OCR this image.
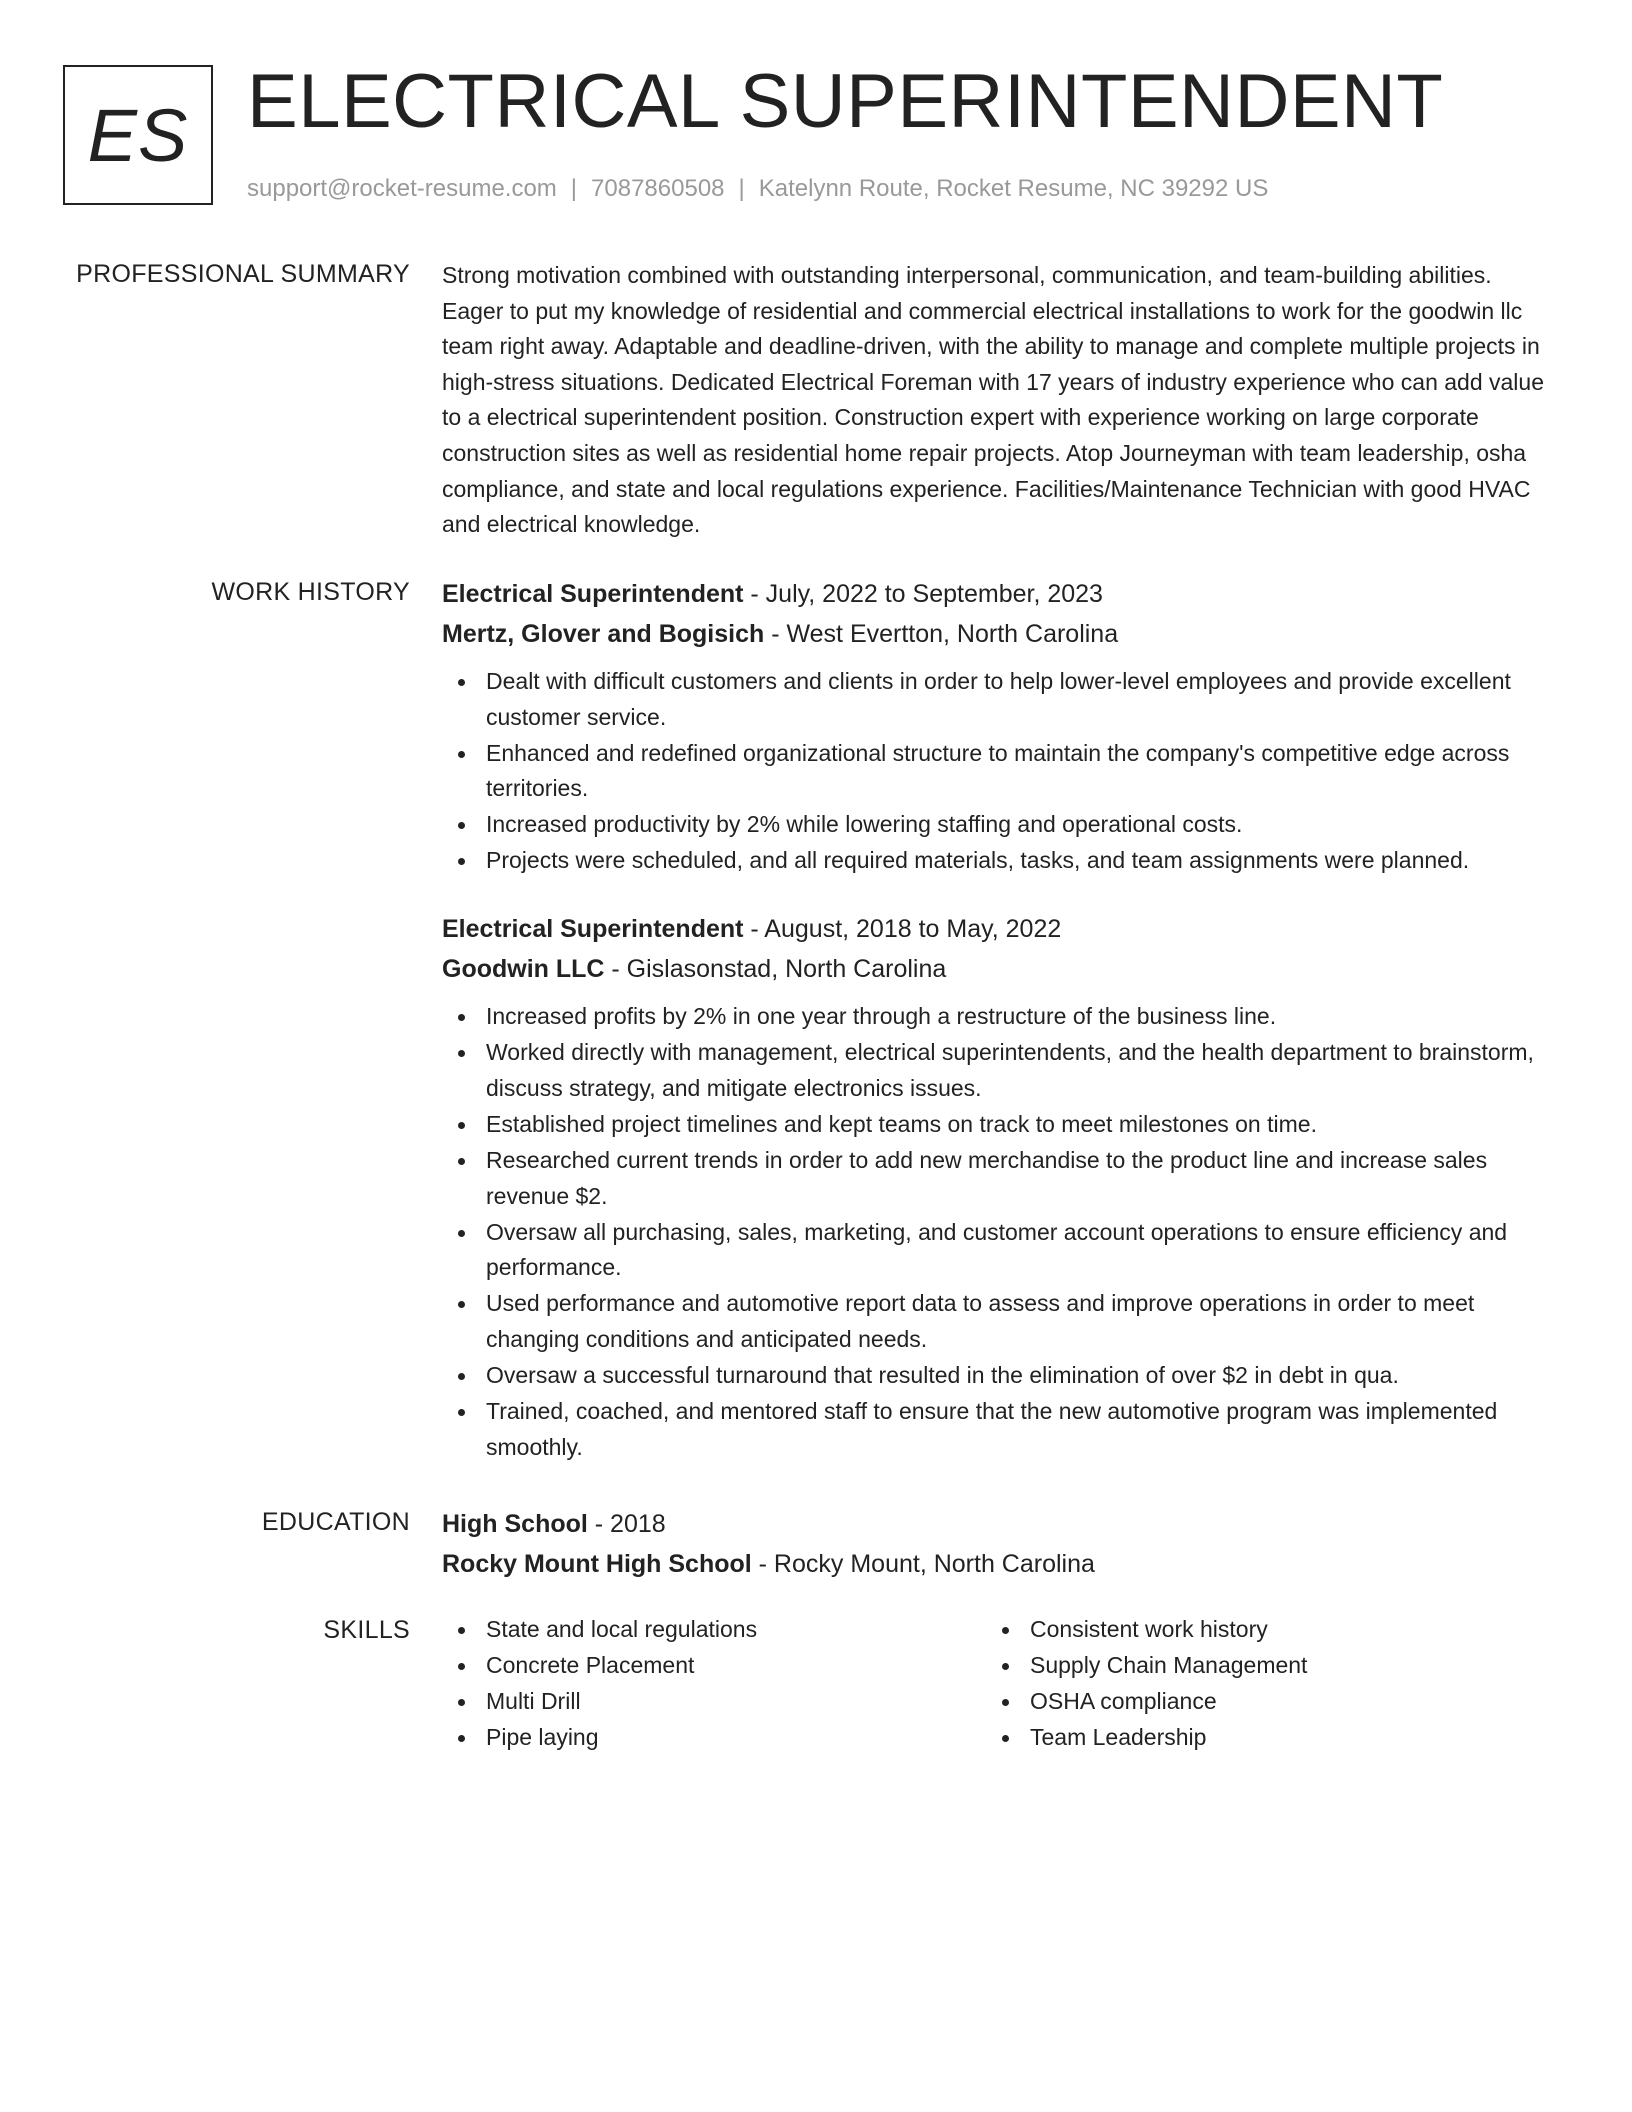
ES ELECTRICAL SUPERINTENDENT
support@rocket-resume.com | 7087860508 | Katelynn Route, Rocket Resume, NC 39292 US
PROFESSIONAL SUMMARY Strong motivation combined with outstanding interpersonal, communication, and team-building abilities. Eager to put my knowledge of residential and commercial electrical installations to work for the goodwin llc team right away. Adaptable and deadline-driven, with the ability to manage and complete multiple projects in high-stress situations. Dedicated Electrical Foreman with 17 years of industry experience who can add value to a electrical superintendent position. Construction expert with experience working on large corporate construction sites as well as residential home repair projects. Atop Journeyman with team leadership, osha compliance, and state and local regulations experience. Facilities/Maintenance Technician with good HVAC and electrical knowledge.

WORK HISTORY Electrical Superintendent - July, 2022 to September, 2023
Mertz, Glover and Bogisich - West Evertton, North Carolina
Dealt with difficult customers and clients in order to help lower-level employees and provide excellent customer service.
Enhanced and redefined organizational structure to maintain the company's competitive edge across territories.
Increased productivity by 2% while lowering staffing and operational costs.
Projects were scheduled, and all required materials, tasks, and team assignments were planned.
Electrical Superintendent - August, 2018 to May, 2022
Goodwin LLC - Gislasonstad, North Carolina
Increased profits by 2% in one year through a restructure of the business line.
Worked directly with management, electrical superintendents, and the health department to brainstorm, discuss strategy, and mitigate electronics issues.
Established project timelines and kept teams on track to meet milestones on time.
Researched current trends in order to add new merchandise to the product line and increase sales revenue $2.
Oversaw all purchasing, sales, marketing, and customer account operations to ensure efficiency and performance.
Used performance and automotive report data to assess and improve operations in order to meet changing conditions and anticipated needs.
Oversaw a successful turnaround that resulted in the elimination of over $2 in debt in qua.
Trained, coached, and mentored staff to ensure that the new automotive program was implemented smoothly.
EDUCATION High School - 2018
Rocky Mount High School - Rocky Mount, North Carolina
SKILLS	State and local regulations
Concrete Placement
Multi Drill
Pipe laying
Consistent work history
Supply Chain Management
OSHA compliance
Team Leadership
